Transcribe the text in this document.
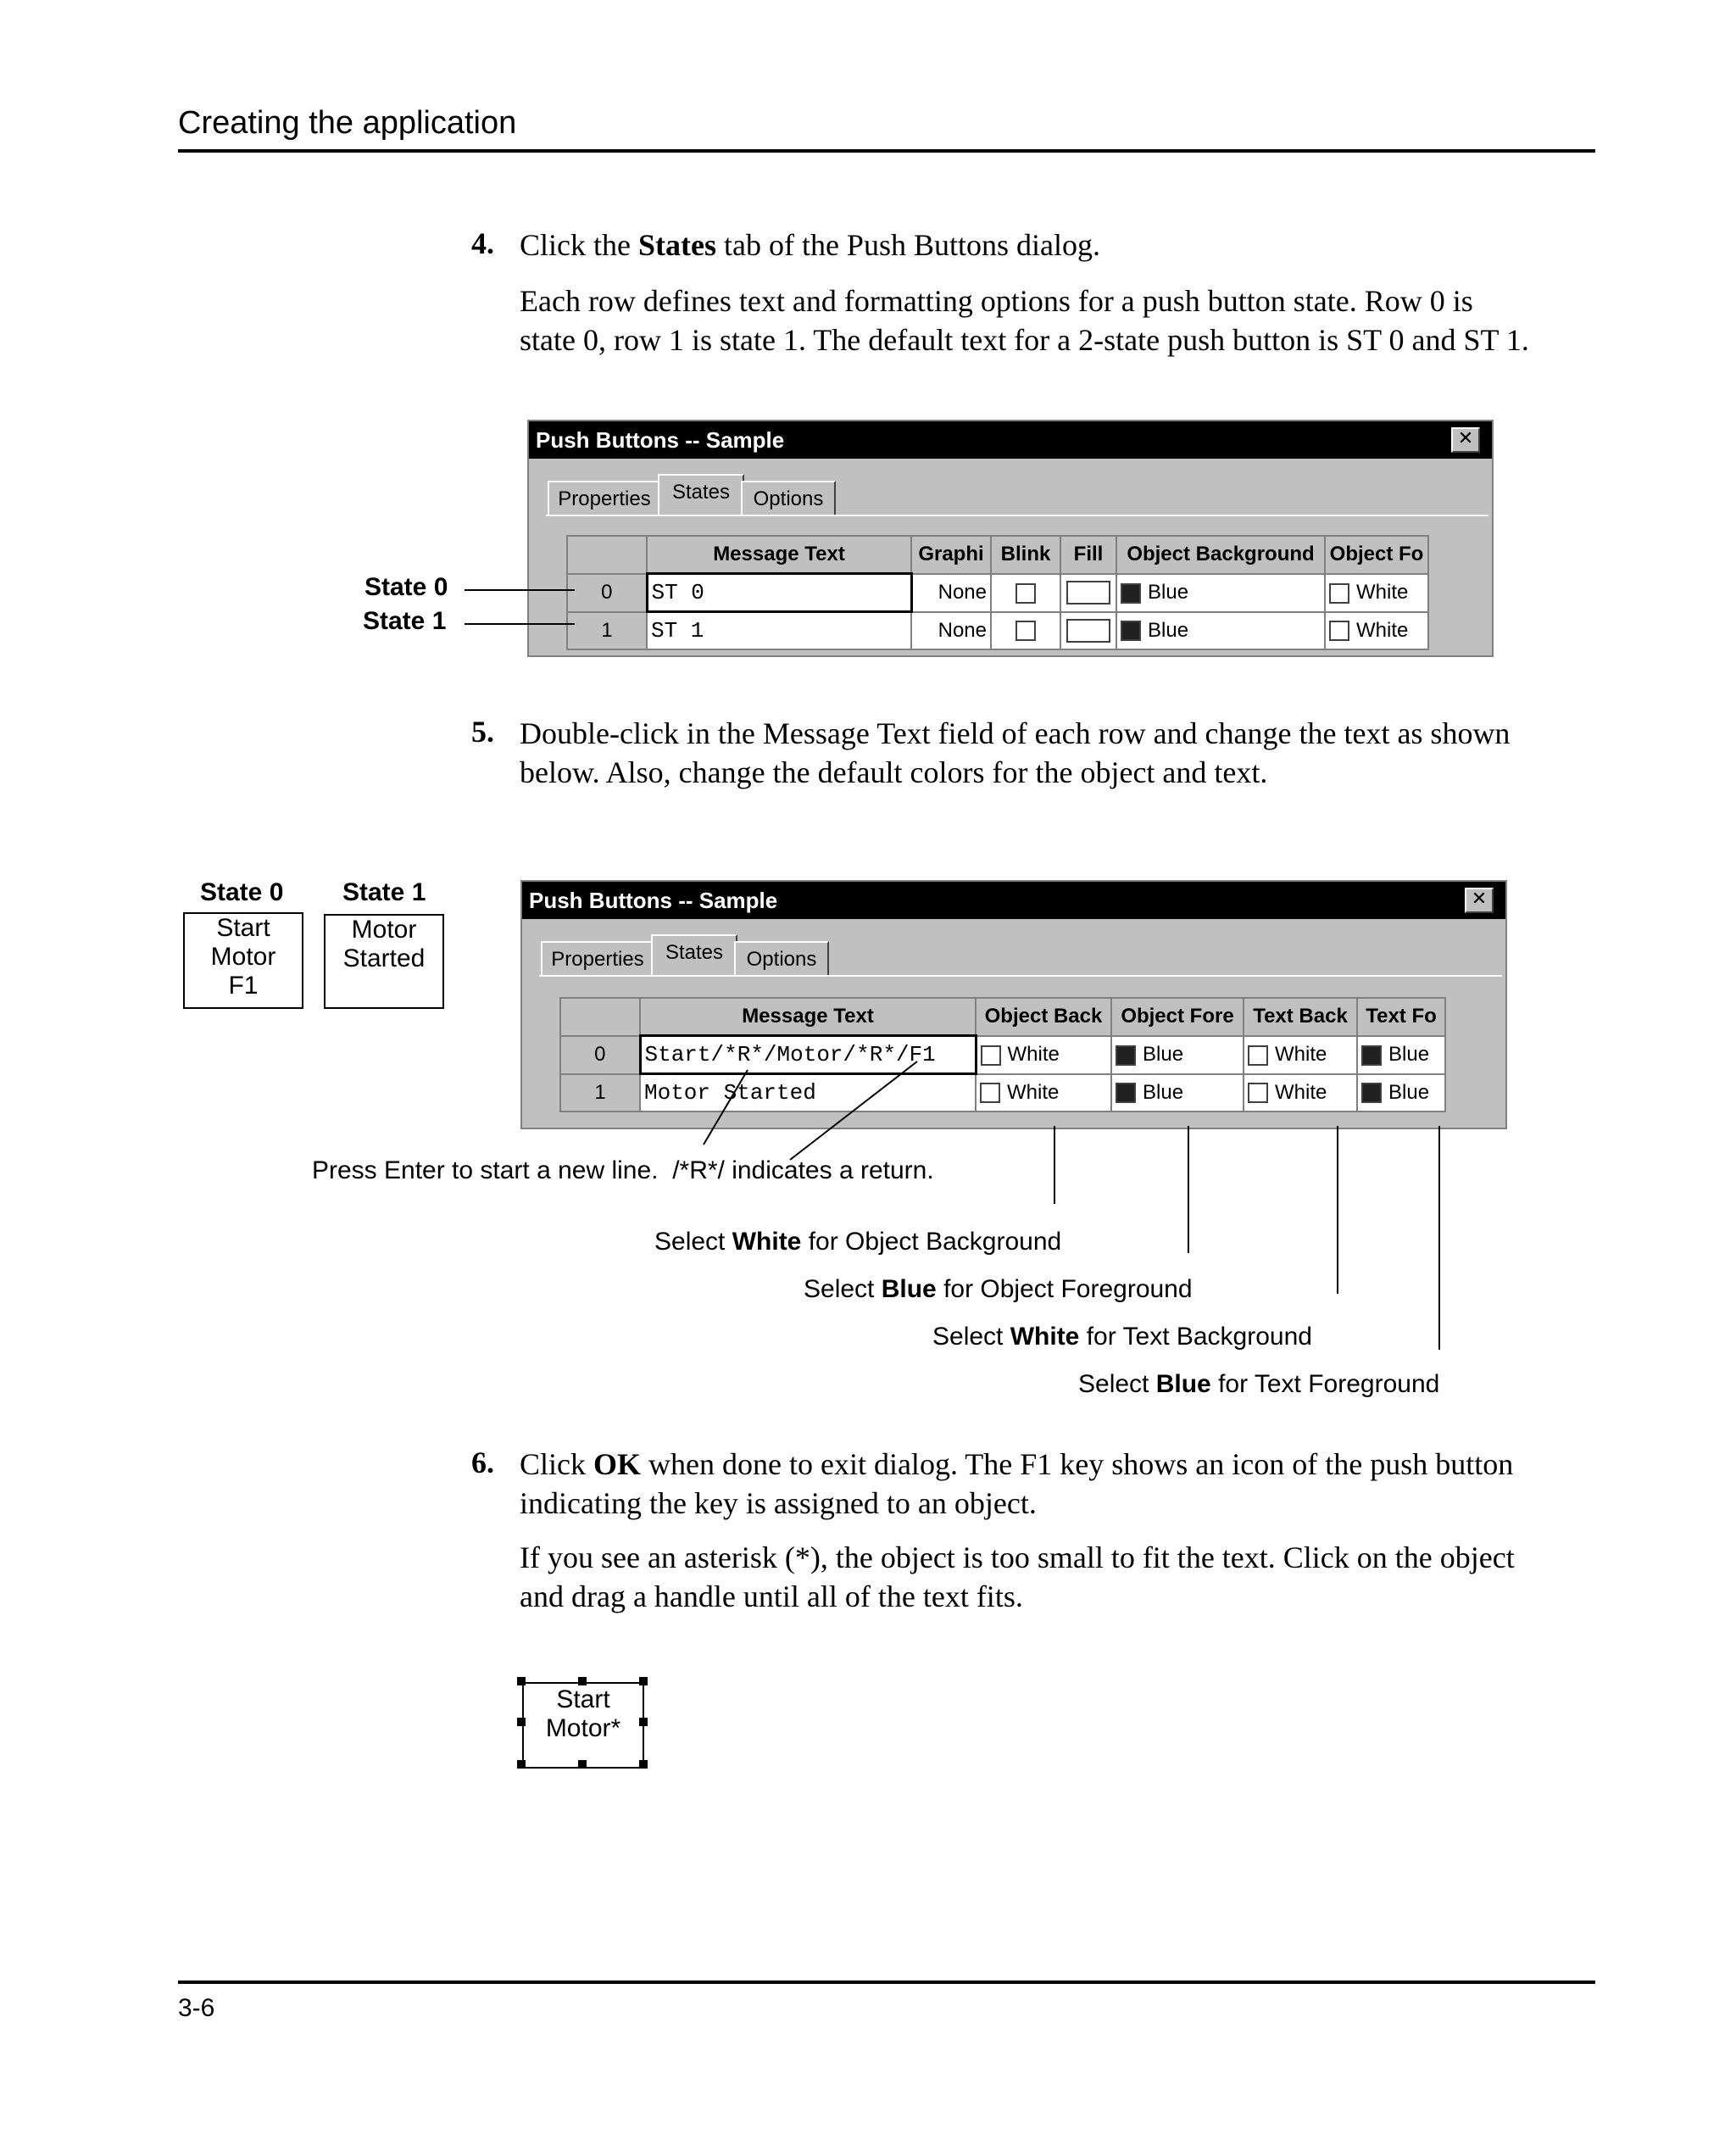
Creating the application
4. Click the States tab of the Push Buttons dialog.
Each row defines text and formatting options for a push button state. Row 0 is
state 0, row 1 is state 1. The default text for a 2-state push button is ST 0 and ST 1.
Push Buttons -- Sample	✕
Properties	States	Options
	Message Text	Graphi	Blink	Fill	Object Background	Object Fo
0	ST 0	None			Blue	White
1	ST 1	None			Blue	White
State 0
State 1
5. Double-click in the Message Text field of each row and change the text as shown
below. Also, change the default colors for the object and text.
State 0 State 1
Start
Motor
F1
Motor
Started
Push Buttons -- Sample	✕
Properties	States	Options
	Message Text	Object Back	Object Fore	Text Back	Text Fo
0	Start/*R*/Motor/*R*/F1	White	Blue	White	Blue
1	Motor Started	White	Blue	White	Blue
Press Enter to start a new line. /*R*/ indicates a return.
Select White for Object Background
Select Blue for Object Foreground
Select White for Text Background
Select Blue for Text Foreground
6. Click OK when done to exit dialog. The F1 key shows an icon of the push button
indicating the key is assigned to an object.
If you see an asterisk (*), the object is too small to fit the text. Click on the object
and drag a handle until all of the text fits.
Start
Motor*
3-6
